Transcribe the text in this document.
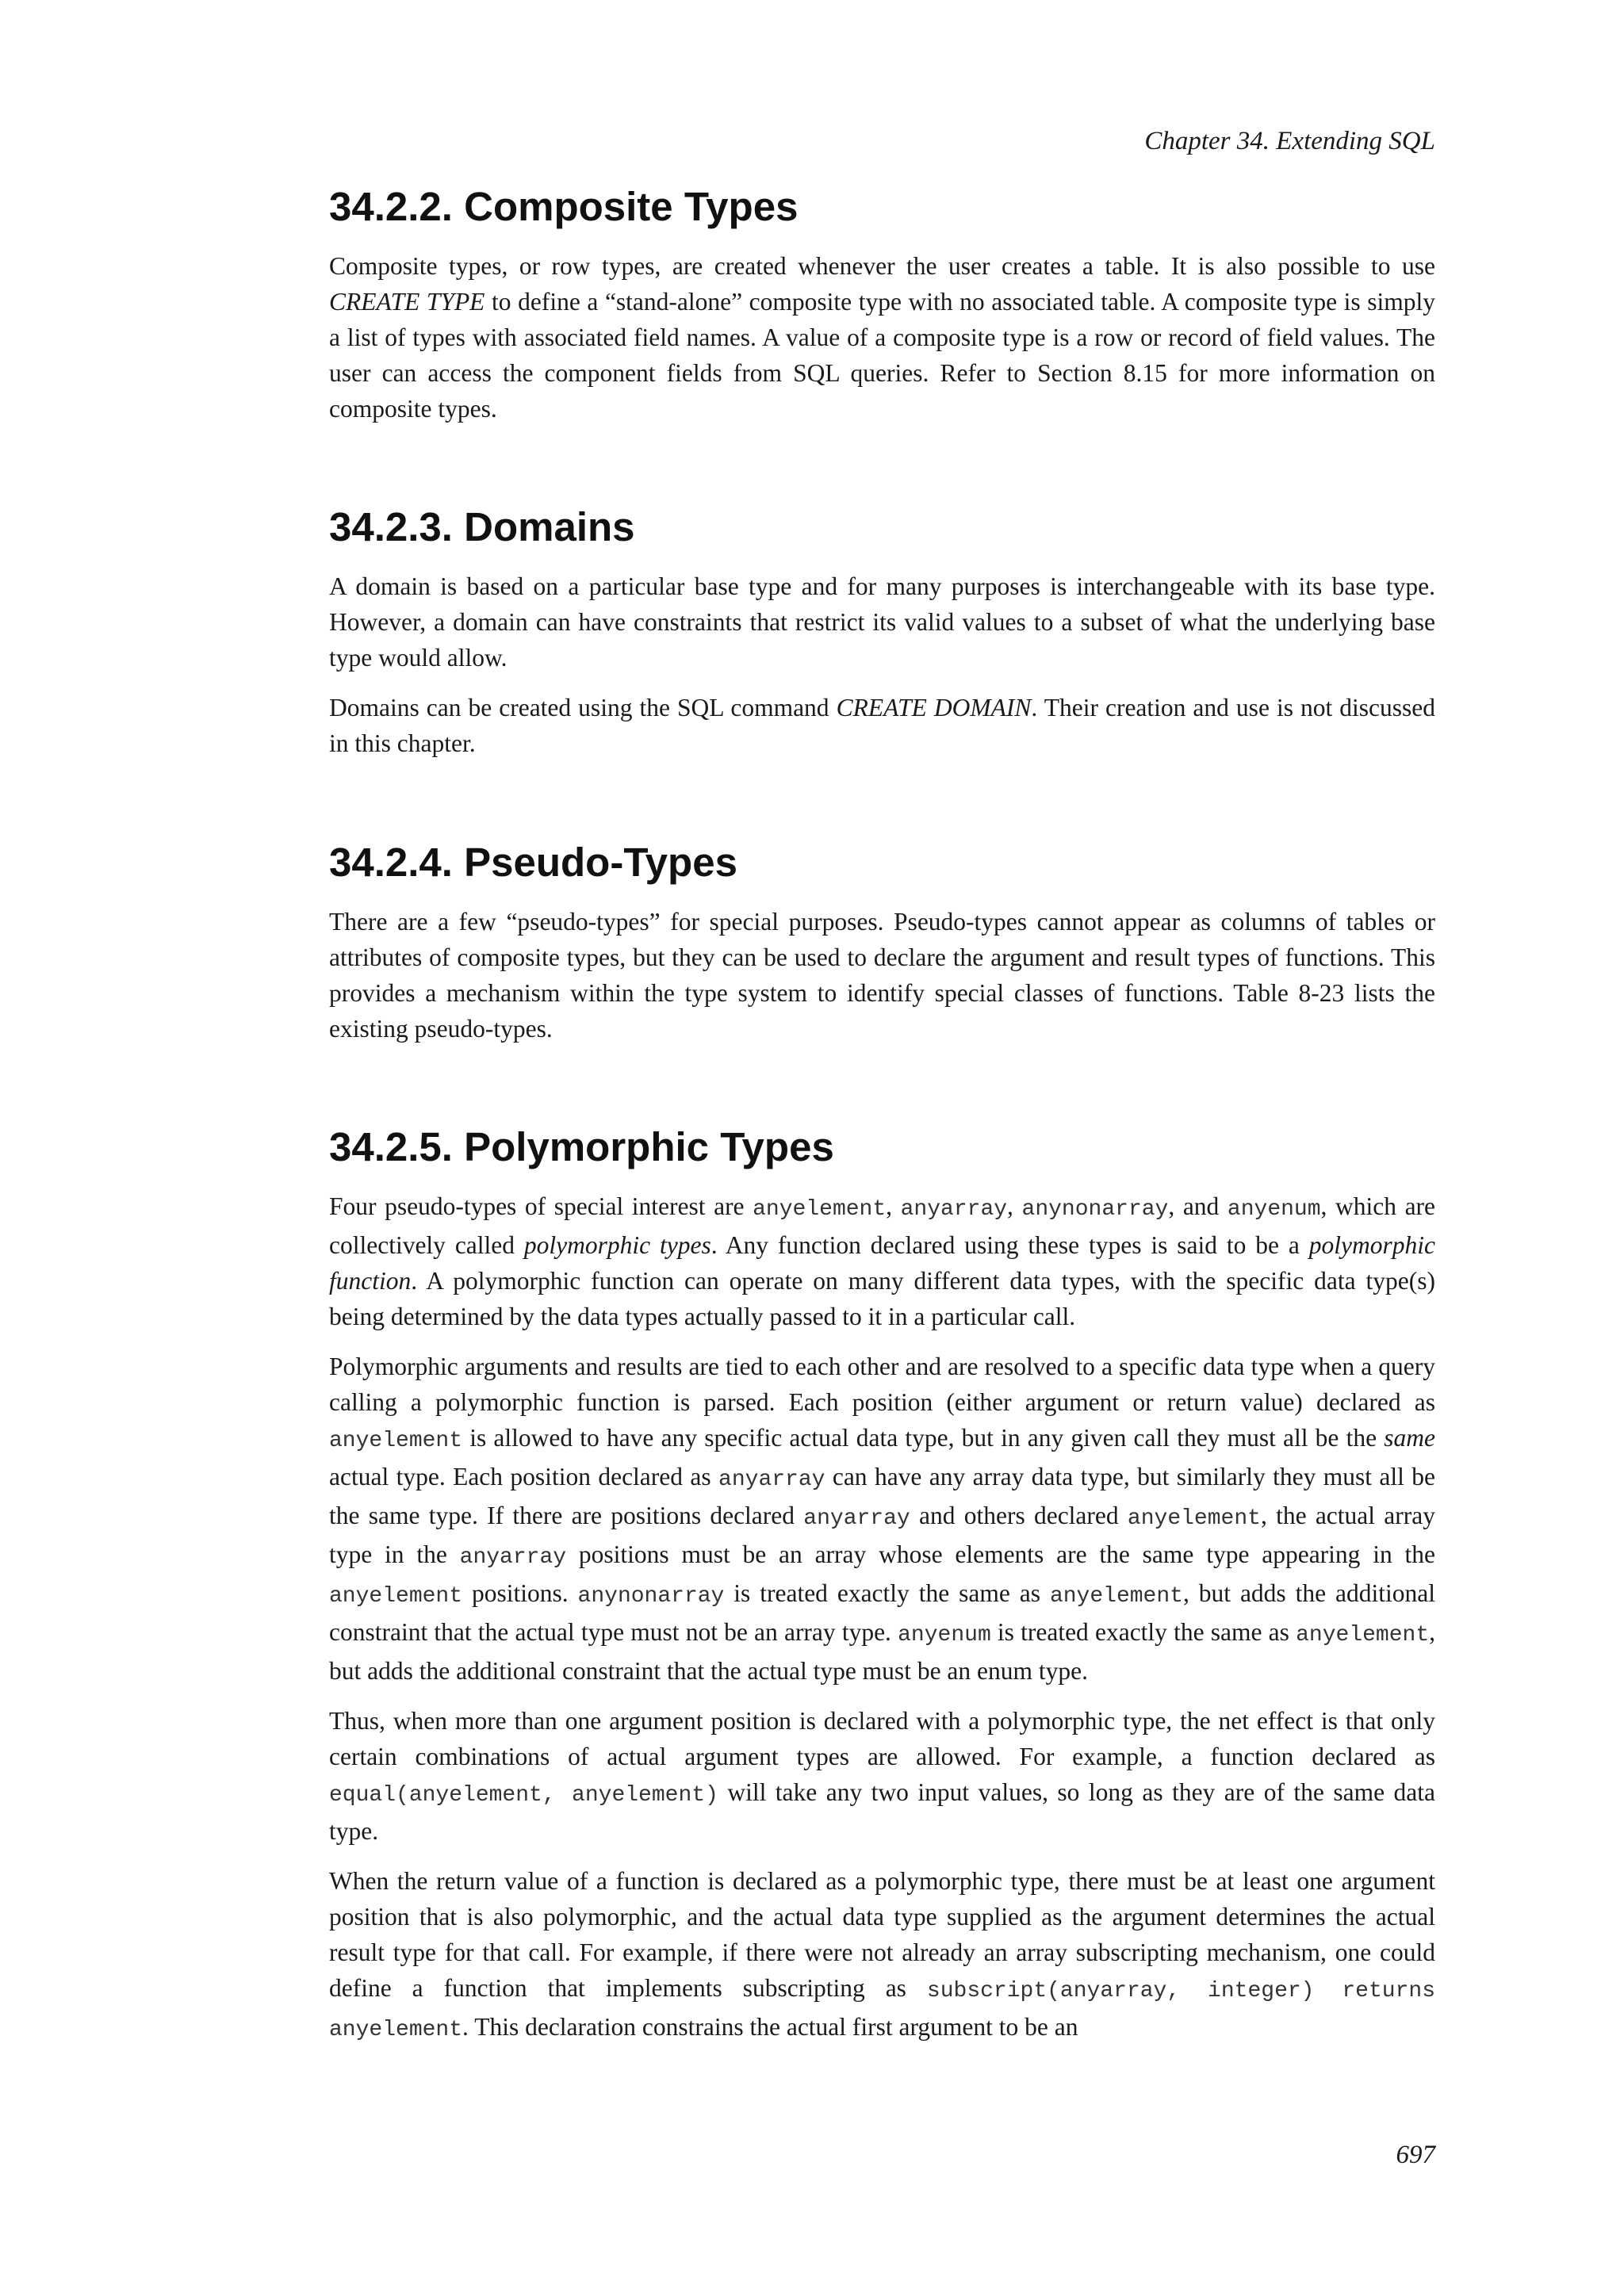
Chapter 34. Extending SQL
34.2.2. Composite Types

Composite types, or row types, are created whenever the user creates a table. It is also possible to use CREATE TYPE to define a “stand-alone” composite type with no associated table. A composite type is simply a list of types with associated field names. A value of a composite type is a row or record of field values. The user can access the component fields from SQL queries. Refer to Section 8.15 for more information on composite types.

34.2.3. Domains

A domain is based on a particular base type and for many purposes is interchangeable with its base type. However, a domain can have constraints that restrict its valid values to a subset of what the underlying base type would allow.

Domains can be created using the SQL command CREATE DOMAIN. Their creation and use is not discussed in this chapter.

34.2.4. Pseudo-Types

There are a few “pseudo-types” for special purposes. Pseudo-types cannot appear as columns of tables or attributes of composite types, but they can be used to declare the argument and result types of functions. This provides a mechanism within the type system to identify special classes of functions. Table 8-23 lists the existing pseudo-types.

34.2.5. Polymorphic Types

Four pseudo-types of special interest are anyelement, anyarray, anynonarray, and anyenum, which are collectively called polymorphic types. Any function declared using these types is said to be a polymorphic function. A polymorphic function can operate on many different data types, with the specific data type(s) being determined by the data types actually passed to it in a particular call.

Polymorphic arguments and results are tied to each other and are resolved to a specific data type when a query calling a polymorphic function is parsed. Each position (either argument or return value) declared as anyelement is allowed to have any specific actual data type, but in any given call they must all be the same actual type. Each position declared as anyarray can have any array data type, but similarly they must all be the same type. If there are positions declared anyarray and others declared anyelement, the actual array type in the anyarray positions must be an array whose elements are the same type appearing in the anyelement positions. anynonarray is treated exactly the same as anyelement, but adds the additional constraint that the actual type must not be an array type. anyenum is treated exactly the same as anyelement, but adds the additional constraint that the actual type must be an enum type.

Thus, when more than one argument position is declared with a polymorphic type, the net effect is that only certain combinations of actual argument types are allowed. For example, a function declared as equal(anyelement, anyelement) will take any two input values, so long as they are of the same data type.

When the return value of a function is declared as a polymorphic type, there must be at least one argument position that is also polymorphic, and the actual data type supplied as the argument determines the actual result type for that call. For example, if there were not already an array subscripting mechanism, one could define a function that implements subscripting as subscript(anyarray, integer) returns anyelement. This declaration constrains the actual first argument to be an

697
